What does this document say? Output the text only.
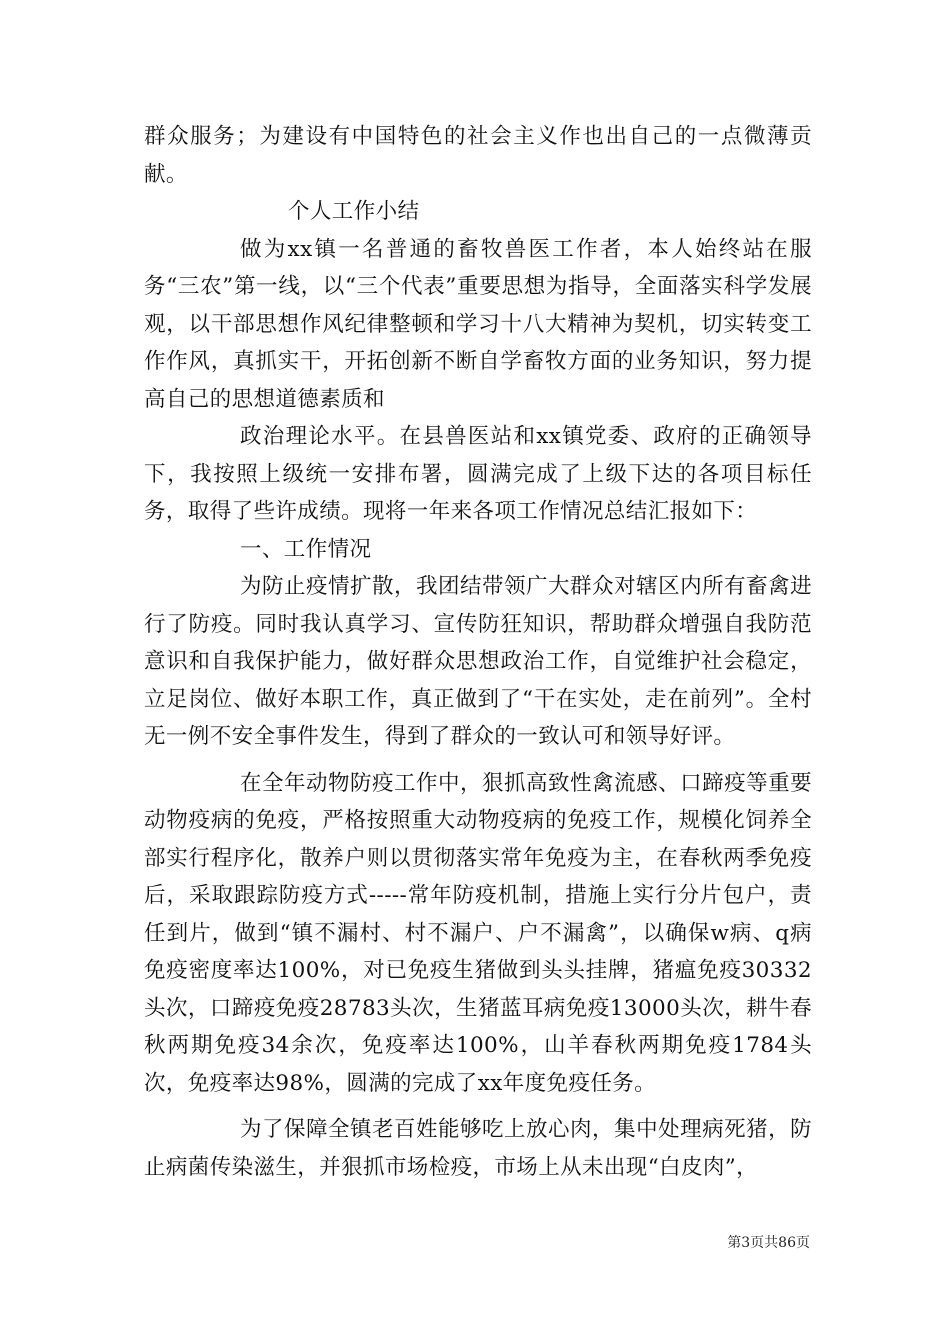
群众服务；为建设有中国特色的社会主义作也出自己的一点微薄贡献。

个人工作小结

做为xx镇一名普通的畜牧兽医工作者，本人始终站在服务“三农”第一线，以“三个代表”重要思想为指导，全面落实科学发展观，以干部思想作风纪律整顿和学习十八大精神为契机，切实转变工作作风，真抓实干，开拓创新不断自学畜牧方面的业务知识，努力提高自己的思想道德素质和

政治理论水平。在县兽医站和xx镇党委、政府的正确领导下，我按照上级统一安排布署，圆满完成了上级下达的各项目标任务，取得了些许成绩。现将一年来各项工作情况总结汇报如下：

一、工作情况

为防止疫情扩散，我团结带领广大群众对辖区内所有畜禽进行了防疫。同时我认真学习、宣传防狂知识，帮助群众增强自我防范意识和自我保护能力，做好群众思想政治工作，自觉维护社会稳定，立足岗位、做好本职工作，真正做到了“干在实处，走在前列”。全村无一例不安全事件发生，得到了群众的一致认可和领导好评。

在全年动物防疫工作中，狠抓高致性禽流感、口蹄疫等重要动物疫病的免疫，严格按照重大动物疫病的免疫工作，规模化饲养全部实行程序化，散养户则以贯彻落实常年免疫为主，在春秋两季免疫后，采取跟踪防疫方式-----常年防疫机制，措施上实行分片包户，责任到片，做到“镇不漏村、村不漏户、户不漏禽”，以确保w病、q病免疫密度率达100%，对已免疫生猪做到头头挂牌，猪瘟免疫30332头次，口蹄疫免疫28783头次，生猪蓝耳病免疫13000头次，耕牛春秋两期免疫34余次，免疫率达100%，山羊春秋两期免疫1784头次，免疫率达98%，圆满的完成了xx年度免疫任务。

为了保障全镇老百姓能够吃上放心肉，集中处理病死猪，防止病菌传染滋生，并狠抓市场检疫，市场上从未出现“白皮肉”，

第3页共86页
